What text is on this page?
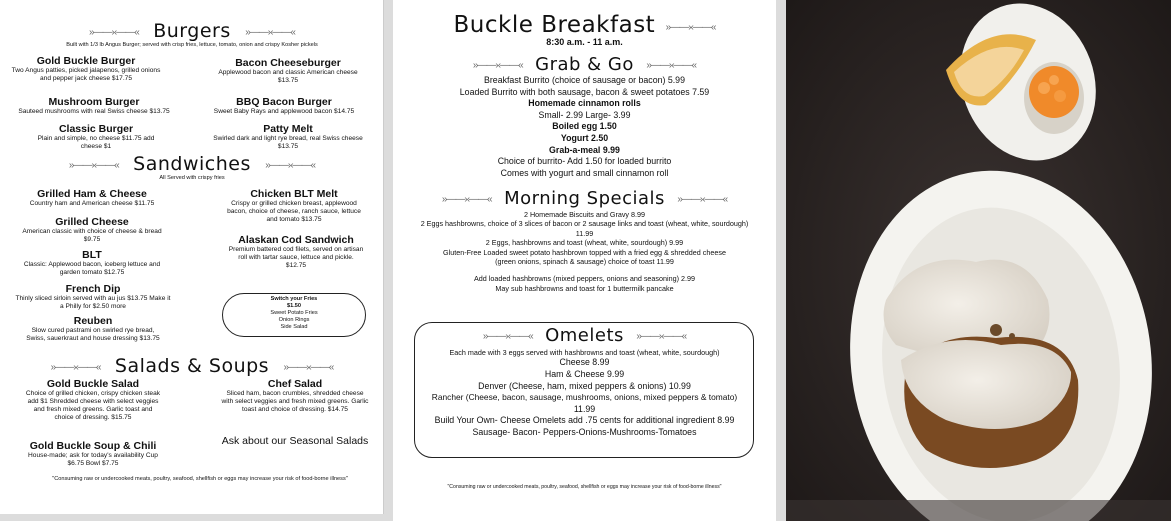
»——›‹——« Burgers »——›‹——«
Built with 1/3 lb Angus Burger; served with crisp fries, lettuce, tomato, onion and crispy Kosher pickels
Gold Buckle Burger
Two Angus patties, picked jalapenos, grilled onions and pepper jack cheese $17.75
Mushroom Burger
Sauteed mushrooms with real Swiss cheese $13.75
Classic Burger
Plain and simple, no cheese $11.75 add cheese $1
Bacon Cheeseburger
Applewood bacon and classic American cheese $13.75
BBQ Bacon Burger
Sweet Baby Rays and applewood bacon $14.75
Patty Melt
Swirled dark and light rye bread, real Swiss cheese $13.75
»——›‹——« Sandwiches »——›‹——«
All Served with crispy fries
Grilled Ham & Cheese
Country ham and American cheese $11.75
Grilled Cheese
American classic with choice of cheese & bread $9.75
BLT
Classic: Applewood bacon, iceberg lettuce and garden tomato $12.75
French Dip
Thinly sliced sirloin served with au jus $13.75 Make it a Philly for $2.50 more
Reuben
Slow cured pastrami on swirled rye bread, Swiss, sauerkraut and house dressing $13.75
Chicken BLT Melt
Crispy or grilled chicken breast, applewood bacon, choice of cheese, ranch sauce, lettuce and tomato $13.75
Alaskan Cod Sandwich
Premium battered cod filets, served on artisan roll with tartar sauce, lettuce and pickle. $12.75
Switch your Fries
$1.50
Sweet Potato Fries
Onion Rings
Side Salad
»——›‹——« Salads & Soups »——›‹——«
Gold Buckle Salad
Choice of grilled chicken, crispy chicken steak add $1 Shredded cheese with select veggies and fresh mixed greens. Garlic toast and choice of dressing. $15.75
Gold Buckle Soup & Chili
House-made; ask for today's availability Cup $6.75 Bowl $7.75
Chef Salad
Sliced ham, bacon crumbles, shredded cheese with select veggies and fresh mixed greens. Garlic toast and choice of dressing. $14.75
Ask about our Seasonal Salads
"Consuming raw or undercooked meats, poultry, seafood, shellfish or eggs may increase your risk of food-borne illness"
Buckle Breakfast »——›‹——«
8:30 a.m. - 11 a.m.
»——›‹——« Grab & Go »——›‹——«
Breakfast Burrito (choice of sausage or bacon) 5.99
Loaded Burrito with both sausage, bacon & sweet potatoes 7.59
Homemade cinnamon rolls
Small- 2.99 Large- 3.99
Boiled egg 1.50
Yogurt 2.50
Grab-a-meal 9.99
Choice of burrito- Add 1.50 for loaded burrito
Comes with yogurt and small cinnamon roll
»——›‹——« Morning Specials »——›‹——«
2 Homemade Biscuits and Gravy 8.99
2 Eggs hashbrowns, choice of 3 slices of bacon or 2 sausage links and toast (wheat, white, sourdough)
11.99
2 Eggs, hashbrowns and toast (wheat, white, sourdough) 9.99
Gluten-Free Loaded sweet potato hashbrown topped with a fried egg & shredded cheese
(green onions, spinach & sausage) choice of toast 11.99
Add loaded hashbrowns (mixed peppers, onions and seasoning) 2.99
May sub hashbrowns and toast for 1 buttermilk pancake
»——›‹——« Omelets »——›‹——«
Each made with 3 eggs served with hashbrowns and toast (wheat, white, sourdough)
Cheese 8.99
Ham & Cheese 9.99
Denver (Cheese, ham, mixed peppers & onions) 10.99
Rancher (Cheese, bacon, sausage, mushrooms, onions, mixed peppers & tomato)
11.99
Build Your Own- Cheese Omelets add .75 cents for additional ingredient 8.99
Sausage- Bacon- Peppers-Onions-Mushrooms-Tomatoes
"Consuming raw or undercooked meats, poultry, seafood, shellfish or eggs may increase your risk of food-borne illness"
